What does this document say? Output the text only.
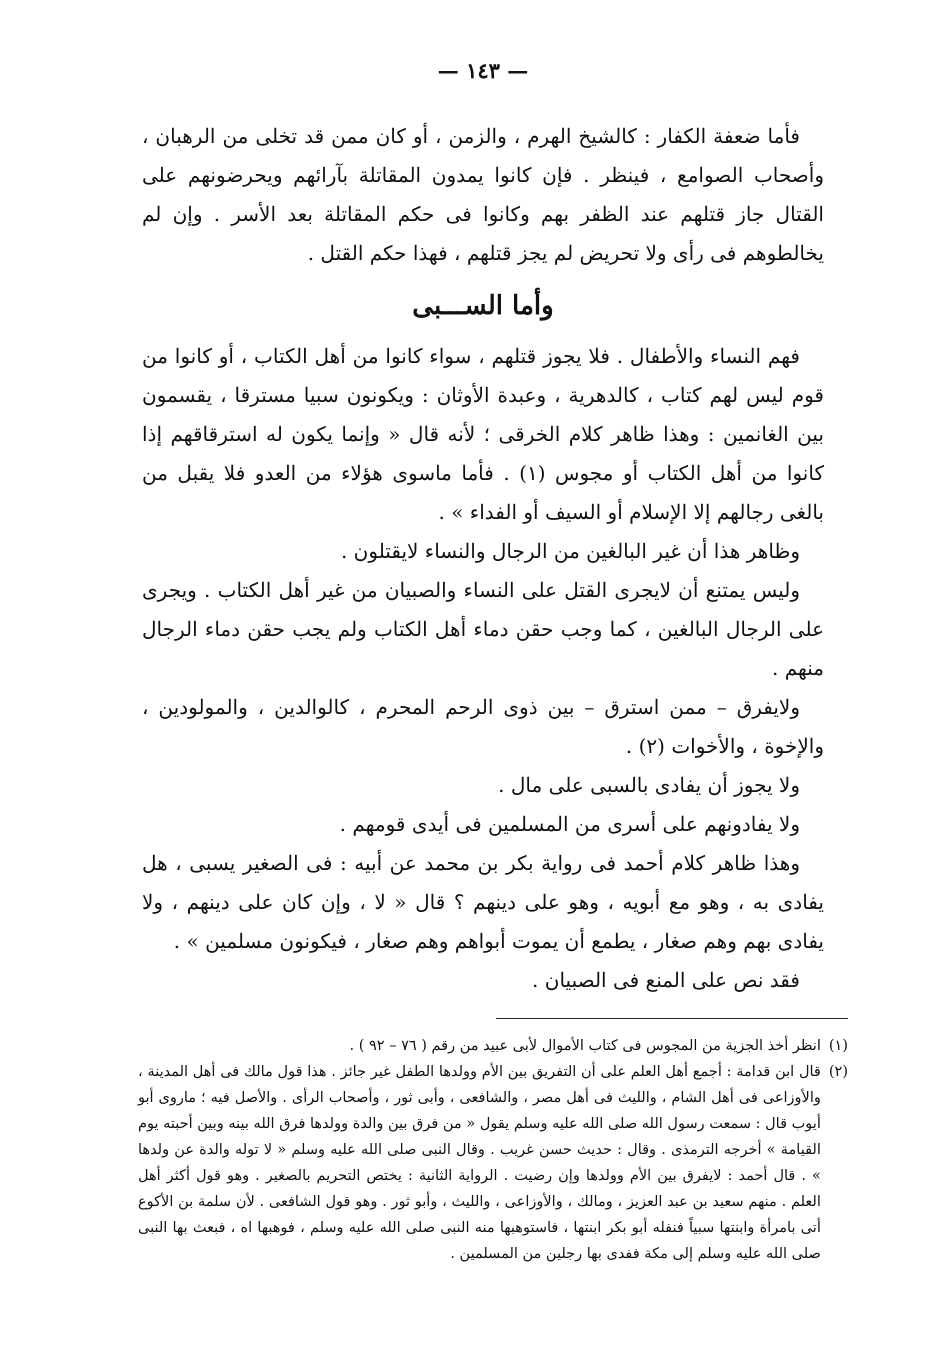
— ١٤٣ —

فأما ضعفة الكفار : كالشيخ الهرم ، والزمن ، أو كان ممن قد تخلى من الرهبان ، وأصحاب الصوامع ، فينظر . فإن كانوا يمدون المقاتلة بآرائهم ويحرضونهم على القتال جاز قتلهم عند الظفر بهم وكانوا فى حكم المقاتلة بعد الأسر . وإن لم يخالطوهم فى رأى ولا تحريض لم يجز قتلهم ، فهذا حكم القتل .

وأما الســـبى

فهم النساء والأطفال . فلا يجوز قتلهم ، سواء كانوا من أهل الكتاب ، أو كانوا من قوم ليس لهم كتاب ، كالدهرية ، وعبدة الأوثان : ويكونون سبيا مسترقا ، يقسمون بين الغانمين : وهذا ظاهر كلام الخرقى ؛ لأنه قال « وإنما يكون له استرقاقهم إذا كانوا من أهل الكتاب أو مجوس (١) . فأما ماسوى هؤلاء من العدو فلا يقبل من بالغى رجالهم إلا الإسلام أو السيف أو الفداء » .

وظاهر هذا أن غير البالغين من الرجال والنساء لايقتلون .

وليس يمتنع أن لايجرى القتل على النساء والصبيان من غير أهل الكتاب . ويجرى على الرجال البالغين ، كما وجب حقن دماء أهل الكتاب ولم يجب حقن دماء الرجال منهم .

ولايفرق – ممن استرق – بين ذوى الرحم المحرم ، كالوالدين ، والمولودين ، والإخوة ، والأخوات (٢) .

ولا يجوز أن يفادى بالسبى على مال .

ولا يفادونهم على أسرى من المسلمين فى أيدى قومهم .

وهذا ظاهر كلام أحمد فى رواية بكر بن محمد عن أبيه : فى الصغير يسبى ، هل يفادى به ، وهو مع أبويه ، وهو على دينهم ؟ قال « لا ، وإن كان على دينهم ، ولا يفادى بهم وهم صغار ، يطمع أن يموت أبواهم وهم صغار ، فيكونون مسلمين » .

فقد نص على المنع فى الصبيان .

(١)
انظر أخذ الجزية من المجوس فى كتاب الأموال لأبى عبيد من رقم ( ٧٦ – ٩٢ ) .
(٢)
قال ابن قدامة : أجمع أهل العلم على أن التفريق بين الأم وولدها الطفل غير جائز . هذا قول مالك فى أهل المدينة ، والأوزاعى فى أهل الشام ، والليث فى أهل مصر ، والشافعى ، وأبى ثور ، وأصحاب الرأى . والأصل فيه ؛ ماروى أبو أيوب قال : سمعت رسول الله صلى الله عليه وسلم يقول « من فرق بين والدة وولدها فرق الله بينه وبين أحبته يوم القيامة » أخرجه الترمذى . وقال : حديث حسن غريب . وقال النبى صلى الله عليه وسلم « لا توله والدة عن ولدها » . قال أحمد : لايفرق بين الأم وولدها وإن رضيت . الرواية الثانية : يختص التحريم بالصغير . وهو قول أكثر أهل العلم . منهم سعيد بن عبد العزيز ، ومالك ، والأوزاعى ، والليث ، وأبو ثور . وهو قول الشافعى . لأن سلمة بن الأكوع أتى بامرأة وابنتها سبياً فنفله أبو بكر ابنتها ، فاستوهبها منه النبى صلى الله عليه وسلم ، فوهبها اه ، فبعث بها النبى صلى الله عليه وسلم إلى مكة ففدى بها رجلين من المسلمين .
